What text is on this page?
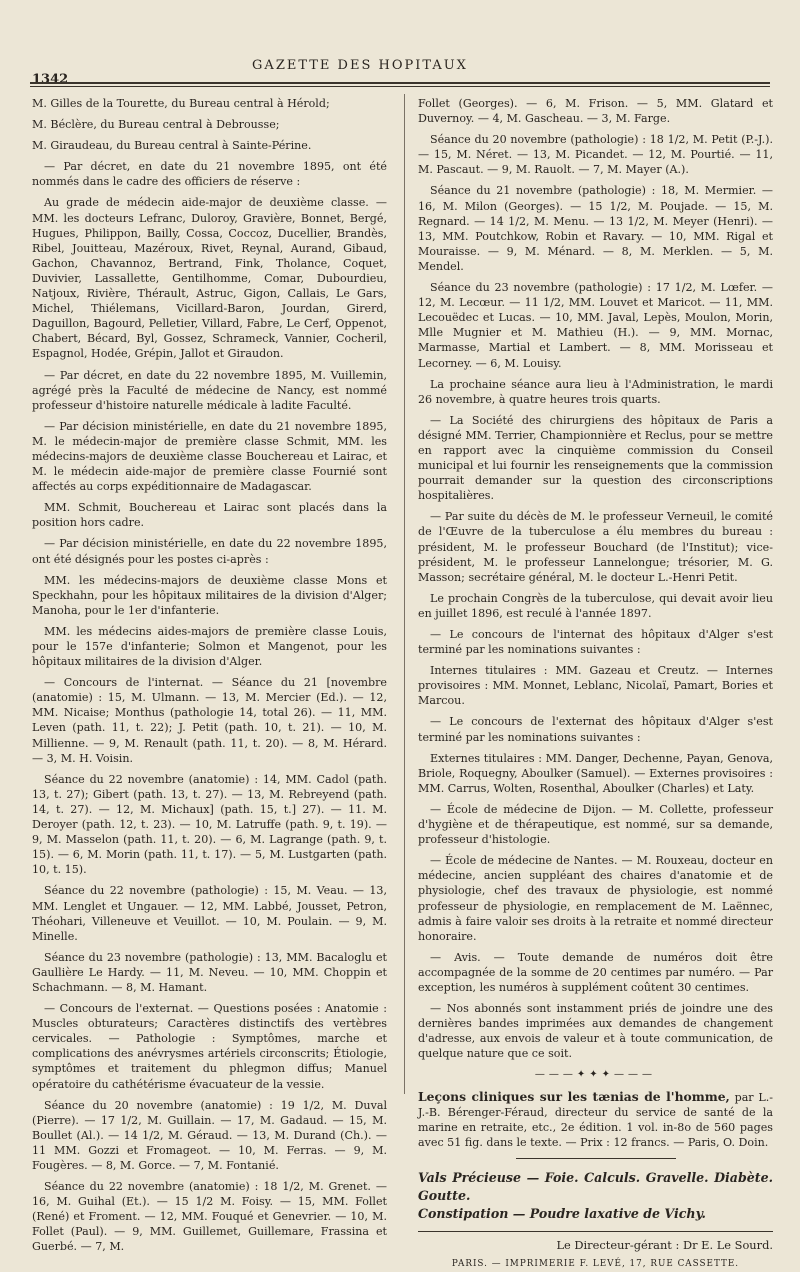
1342
GAZETTE DES HOPITAUX

M. Gilles de la Tourette, du Bureau central à Hérold;

M. Béclère, du Bureau central à Debrousse;

M. Giraudeau, du Bureau central à Sainte-Périne.

— Par décret, en date du 21 novembre 1895, ont été nommés dans le cadre des officiers de réserve :

Au grade de médecin aide-major de deuxième classe. — MM. les docteurs Lefranc, Duloroy, Gravière, Bonnet, Bergé, Hugues, Philippon, Bailly, Cossa, Coccoz, Ducellier, Brandès, Ribel, Jouitteau, Mazéroux, Rivet, Reynal, Aurand, Gibaud, Gachon, Chavannoz, Bertrand, Fink, Tholance, Coquet, Duvivier, Lassallette, Gentilhomme, Comar, Dubourdieu, Natjoux, Rivière, Thérault, Astruc, Gigon, Callais, Le Gars, Michel, Thiélemans, Vicillard-Baron, Jourdan, Girerd, Daguillon, Bagourd, Pelletier, Villard, Fabre, Le Cerf, Oppenot, Chabert, Bécard, Byl, Gossez, Schrameck, Vannier, Cocheril, Espagnol, Hodée, Grépin, Jallot et Giraudon.

— Par décret, en date du 22 novembre 1895, M. Vuillemin, agrégé près la Faculté de médecine de Nancy, est nommé professeur d'histoire naturelle médicale à ladite Faculté.

— Par décision ministérielle, en date du 21 novembre 1895, M. le médecin-major de première classe Schmit, MM. les médecins-majors de deuxième classe Bouchereau et Lairac, et M. le médecin aide-major de première classe Fournié sont affectés au corps expéditionnaire de Madagascar.

MM. Schmit, Bouchereau et Lairac sont placés dans la position hors cadre.

— Par décision ministérielle, en date du 22 novembre 1895, ont été désignés pour les postes ci-après :

MM. les médecins-majors de deuxième classe Mons et Speckhahn, pour les hôpitaux militaires de la division d'Alger; Manoha, pour le 1er d'infanterie.

MM. les médecins aides-majors de première classe Louis, pour le 157e d'infanterie; Solmon et Mangenot, pour les hôpitaux militaires de la division d'Alger.

— Concours de l'internat. — Séance du 21 [novembre (anatomie) : 15, M. Ulmann. — 13, M. Mercier (Ed.). — 12, MM. Nicaise; Monthus (pathologie 14, total 26). — 11, MM. Leven (path. 11, t. 22); J. Petit (path. 10, t. 21). — 10, M. Millienne. — 9, M. Renault (path. 11, t. 20). — 8, M. Hérard. — 3, M. H. Voisin.

Séance du 22 novembre (anatomie) : 14, MM. Cadol (path. 13, t. 27); Gibert (path. 13, t. 27). — 13, M. Rebreyend (path. 14, t. 27). — 12, M. Michaux] (path. 15, t.] 27). — 11. M. Deroyer (path. 12, t. 23). — 10, M. Latruffe (path. 9, t. 19). — 9, M. Masselon (path. 11, t. 20). — 6, M. Lagrange (path. 9, t. 15). — 6, M. Morin (path. 11, t. 17). — 5, M. Lustgarten (path. 10, t. 15).

Séance du 22 novembre (pathologie) : 15, M. Veau. — 13, MM. Lenglet et Ungauer. — 12, MM. Labbé, Jousset, Petron, Théohari, Villeneuve et Veuillot. — 10, M. Poulain. — 9, M. Minelle.

Séance du 23 novembre (pathologie) : 13, MM. Bacaloglu et Gaullière Le Hardy. — 11, M. Neveu. — 10, MM. Choppin et Schachmann. — 8, M. Hamant.

— Concours de l'externat. — Questions posées : Anatomie : Muscles obturateurs; Caractères distinctifs des vertèbres cervicales. — Pathologie : Symptômes, marche et complications des anévrysmes artériels circonscrits; Étiologie, symptômes et traitement du phlegmon diffus; Manuel opératoire du cathétérisme évacuateur de la vessie.

Séance du 20 novembre (anatomie) : 19 1/2, M. Duval (Pierre). — 17 1/2, M. Guillain. — 17, M. Gadaud. — 15, M. Boullet (Al.). — 14 1/2, M. Géraud. — 13, M. Durand (Ch.). — 11 MM. Gozzi et Fromageot. — 10, M. Ferras. — 9, M. Fougères. — 8, M. Gorce. — 7, M. Fontanié.

Séance du 22 novembre (anatomie) : 18 1/2, M. Grenet. — 16, M. Guihal (Et.). — 15 1/2 M. Foisy. — 15, MM. Follet (René) et Froment. — 12, MM. Fouqué et Genevrier. — 10, M. Follet (Paul). — 9, MM. Guillemet, Guillemare, Frassina et Guerbé. — 7, M.

Follet (Georges). — 6, M. Frison. — 5, MM. Glatard et Duvernoy. — 4, M. Gascheau. — 3, M. Farge.

Séance du 20 novembre (pathologie) : 18 1/2, M. Petit (P.-J.). — 15, M. Néret. — 13, M. Picandet. — 12, M. Pourtié. — 11, M. Pascaut. — 9, M. Rauolt. — 7, M. Mayer (A.).

Séance du 21 novembre (pathologie) : 18, M. Mermier. — 16, M. Milon (Georges). — 15 1/2, M. Poujade. — 15, M. Regnard. — 14 1/2, M. Menu. — 13 1/2, M. Meyer (Henri). — 13, MM. Poutchkow, Robin et Ravary. — 10, MM. Rigal et Mouraisse. — 9, M. Ménard. — 8, M. Merklen. — 5, M. Mendel.

Séance du 23 novembre (pathologie) : 17 1/2, M. Lœfer. — 12, M. Lecœur. — 11 1/2, MM. Louvet et Maricot. — 11, MM. Lecouëdec et Lucas. — 10, MM. Javal, Lepès, Moulon, Morin, Mlle Mugnier et M. Mathieu (H.). — 9, MM. Mornac, Marmasse, Martial et Lambert. — 8, MM. Morisseau et Lecorney. — 6, M. Louisy.

La prochaine séance aura lieu à l'Administration, le mardi 26 novembre, à quatre heures trois quarts.

— La Société des chirurgiens des hôpitaux de Paris a désigné MM. Terrier, Championnière et Reclus, pour se mettre en rapport avec la cinquième commission du Conseil municipal et lui fournir les renseignements que la commission pourrait demander sur la question des circonscriptions hospitalières.

— Par suite du décès de M. le professeur Verneuil, le comité de l'Œuvre de la tuberculose a élu membres du bureau : président, M. le professeur Bouchard (de l'Institut); vice-président, M. le professeur Lannelongue; trésorier, M. G. Masson; secrétaire général, M. le docteur L.-Henri Petit.

Le prochain Congrès de la tuberculose, qui devait avoir lieu en juillet 1896, est reculé à l'année 1897.

— Le concours de l'internat des hôpitaux d'Alger s'est terminé par les nominations suivantes :

Internes titulaires : MM. Gazeau et Creutz. — Internes provisoires : MM. Monnet, Leblanc, Nicolaï, Pamart, Bories et Marcou.

— Le concours de l'externat des hôpitaux d'Alger s'est terminé par les nominations suivantes :

Externes titulaires : MM. Danger, Dechenne, Payan, Genova, Briole, Roquegny, Aboulker (Samuel). — Externes provisoires : MM. Carrus, Wolten, Rosenthal, Aboulker (Charles) et Laty.

— École de médecine de Dijon. — M. Collette, professeur d'hygiène et de thérapeutique, est nommé, sur sa demande, professeur d'histologie.

— École de médecine de Nantes. — M. Rouxeau, docteur en médecine, ancien suppléant des chaires d'anatomie et de physiologie, chef des travaux de physiologie, est nommé professeur de physiologie, en remplacement de M. Laënnec, admis à faire valoir ses droits à la retraite et nommé directeur honoraire.

— Avis. — Toute demande de numéros doit être accompagnée de la somme de 20 centimes par numéro. — Par exception, les numéros à supplément coûtent 30 centimes.

— Nos abonnés sont instamment priés de joindre une des dernières bandes imprimées aux demandes de changement d'adresse, aux envois de valeur et à toute communication, de quelque nature que ce soit.

———✦✦✦———

Leçons cliniques sur les tænias de l'homme, par L.-J.-B. Bérenger-Féraud, directeur du service de santé de la marine en retraite, etc., 2e édition. 1 vol. in-8o de 560 pages avec 51 fig. dans le texte. — Prix : 12 francs. — Paris, O. Doin.

Vals Précieuse — Foie. Calculs. Gravelle. Diabète. Goutte.
Constipation — Poudre laxative de Vichy.
Le Directeur-gérant : Dr E. Le Sourd.
PARIS. — IMPRIMERIE F. LEVÉ, 17, RUE CASSETTE.
